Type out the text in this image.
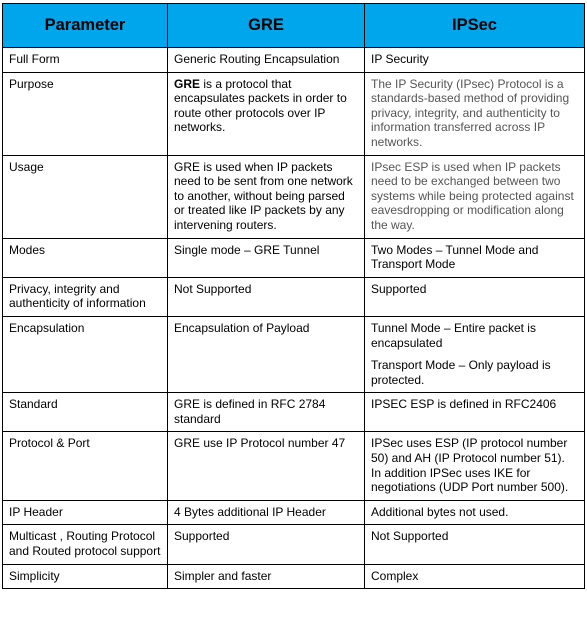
Parameter	GRE	IPSec
Full Form	Generic Routing Encapsulation	IP Security
Purpose	GRE is a protocol that encapsulates packets in order to route other protocols over IP networks.	The IP Security (IPsec) Protocol is a standards-based method of providing privacy, integrity, and authenticity to information transferred across IP networks.
Usage	GRE is used when IP packets need to be sent from one network to another, without being parsed or treated like IP packets by any intervening routers.	IPsec ESP is used when IP packets need to be exchanged between two systems while being protected against eavesdropping or modification along the way.
Modes	Single mode – GRE Tunnel	Two Modes – Tunnel Mode and Transport Mode
Privacy, integrity and authenticity of information	Not Supported	Supported
Encapsulation	Encapsulation of Payload	Tunnel Mode – Entire packet is encapsulated

Transport Mode – Only payload is protected.

Standard	GRE is defined in RFC 2784 standard	IPSEC ESP is defined in RFC2406
Protocol & Port	GRE use IP Protocol number 47	IPSec uses ESP (IP protocol number 50) and AH (IP Protocol number 51). In addition IPSec uses IKE for negotiations (UDP Port number 500).
IP Header	4 Bytes additional IP Header	Additional bytes not used.
Multicast , Routing Protocol and Routed protocol support	Supported	Not Supported
Simplicity	Simpler and faster	Complex
